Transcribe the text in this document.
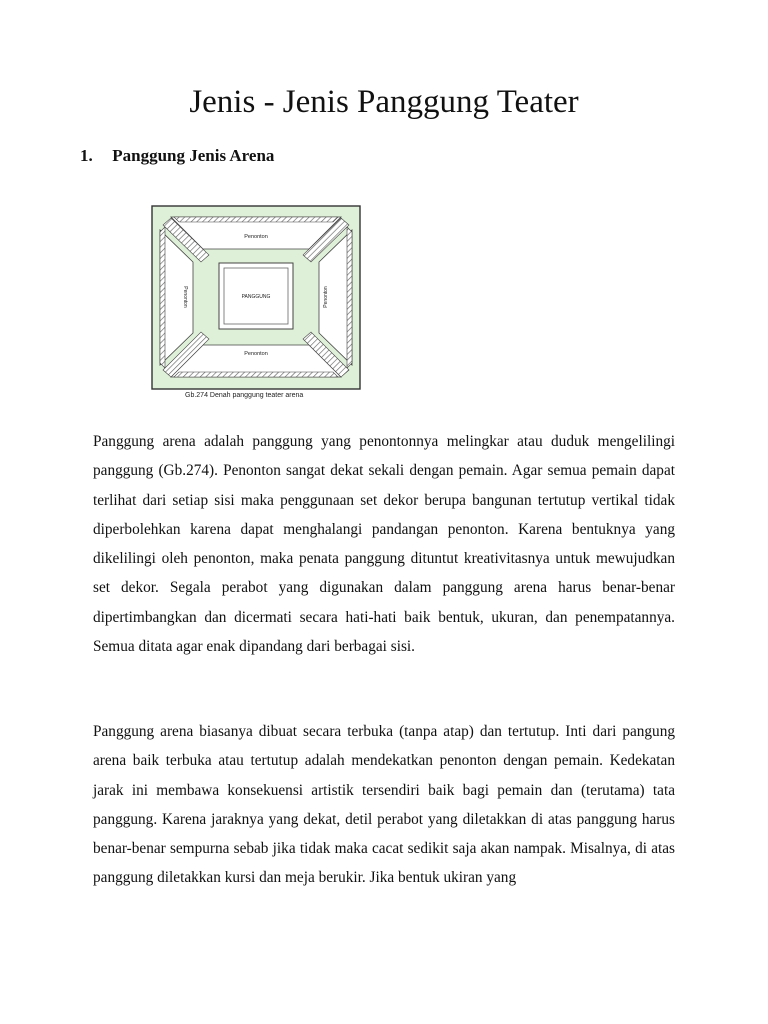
Jenis - Jenis Panggung Teater
1. Panggung Jenis Arena
Penonton
Penonton
Penonton	Penonton
PANGGUNG
Gb.274 Denah panggung teater arena

Panggung arena adalah panggung yang penontonnya melingkar atau duduk mengelilingi panggung (Gb.274). Penonton sangat dekat sekali dengan pemain. Agar semua pemain dapat terlihat dari setiap sisi maka penggunaan set dekor berupa bangunan tertutup vertikal tidak diperbolehkan karena dapat menghalangi pandangan penonton. Karena bentuknya yang dikelilingi oleh penonton, maka penata panggung dituntut kreativitasnya untuk mewujudkan set dekor. Segala perabot yang digunakan dalam panggung arena harus benar-benar dipertimbangkan dan dicermati secara hati-hati baik bentuk, ukuran, dan penempatannya. Semua ditata agar enak dipandang dari berbagai sisi.

Panggung arena biasanya dibuat secara terbuka (tanpa atap) dan tertutup. Inti dari pangung arena baik terbuka atau tertutup adalah mendekatkan penonton dengan pemain. Kedekatan jarak ini membawa konsekuensi artistik tersendiri baik bagi pemain dan (terutama) tata panggung. Karena jaraknya yang dekat, detil perabot yang diletakkan di atas panggung harus benar-benar sempurna sebab jika tidak maka cacat sedikit saja akan nampak. Misalnya, di atas panggung diletakkan kursi dan meja berukir. Jika bentuk ukiran yang
